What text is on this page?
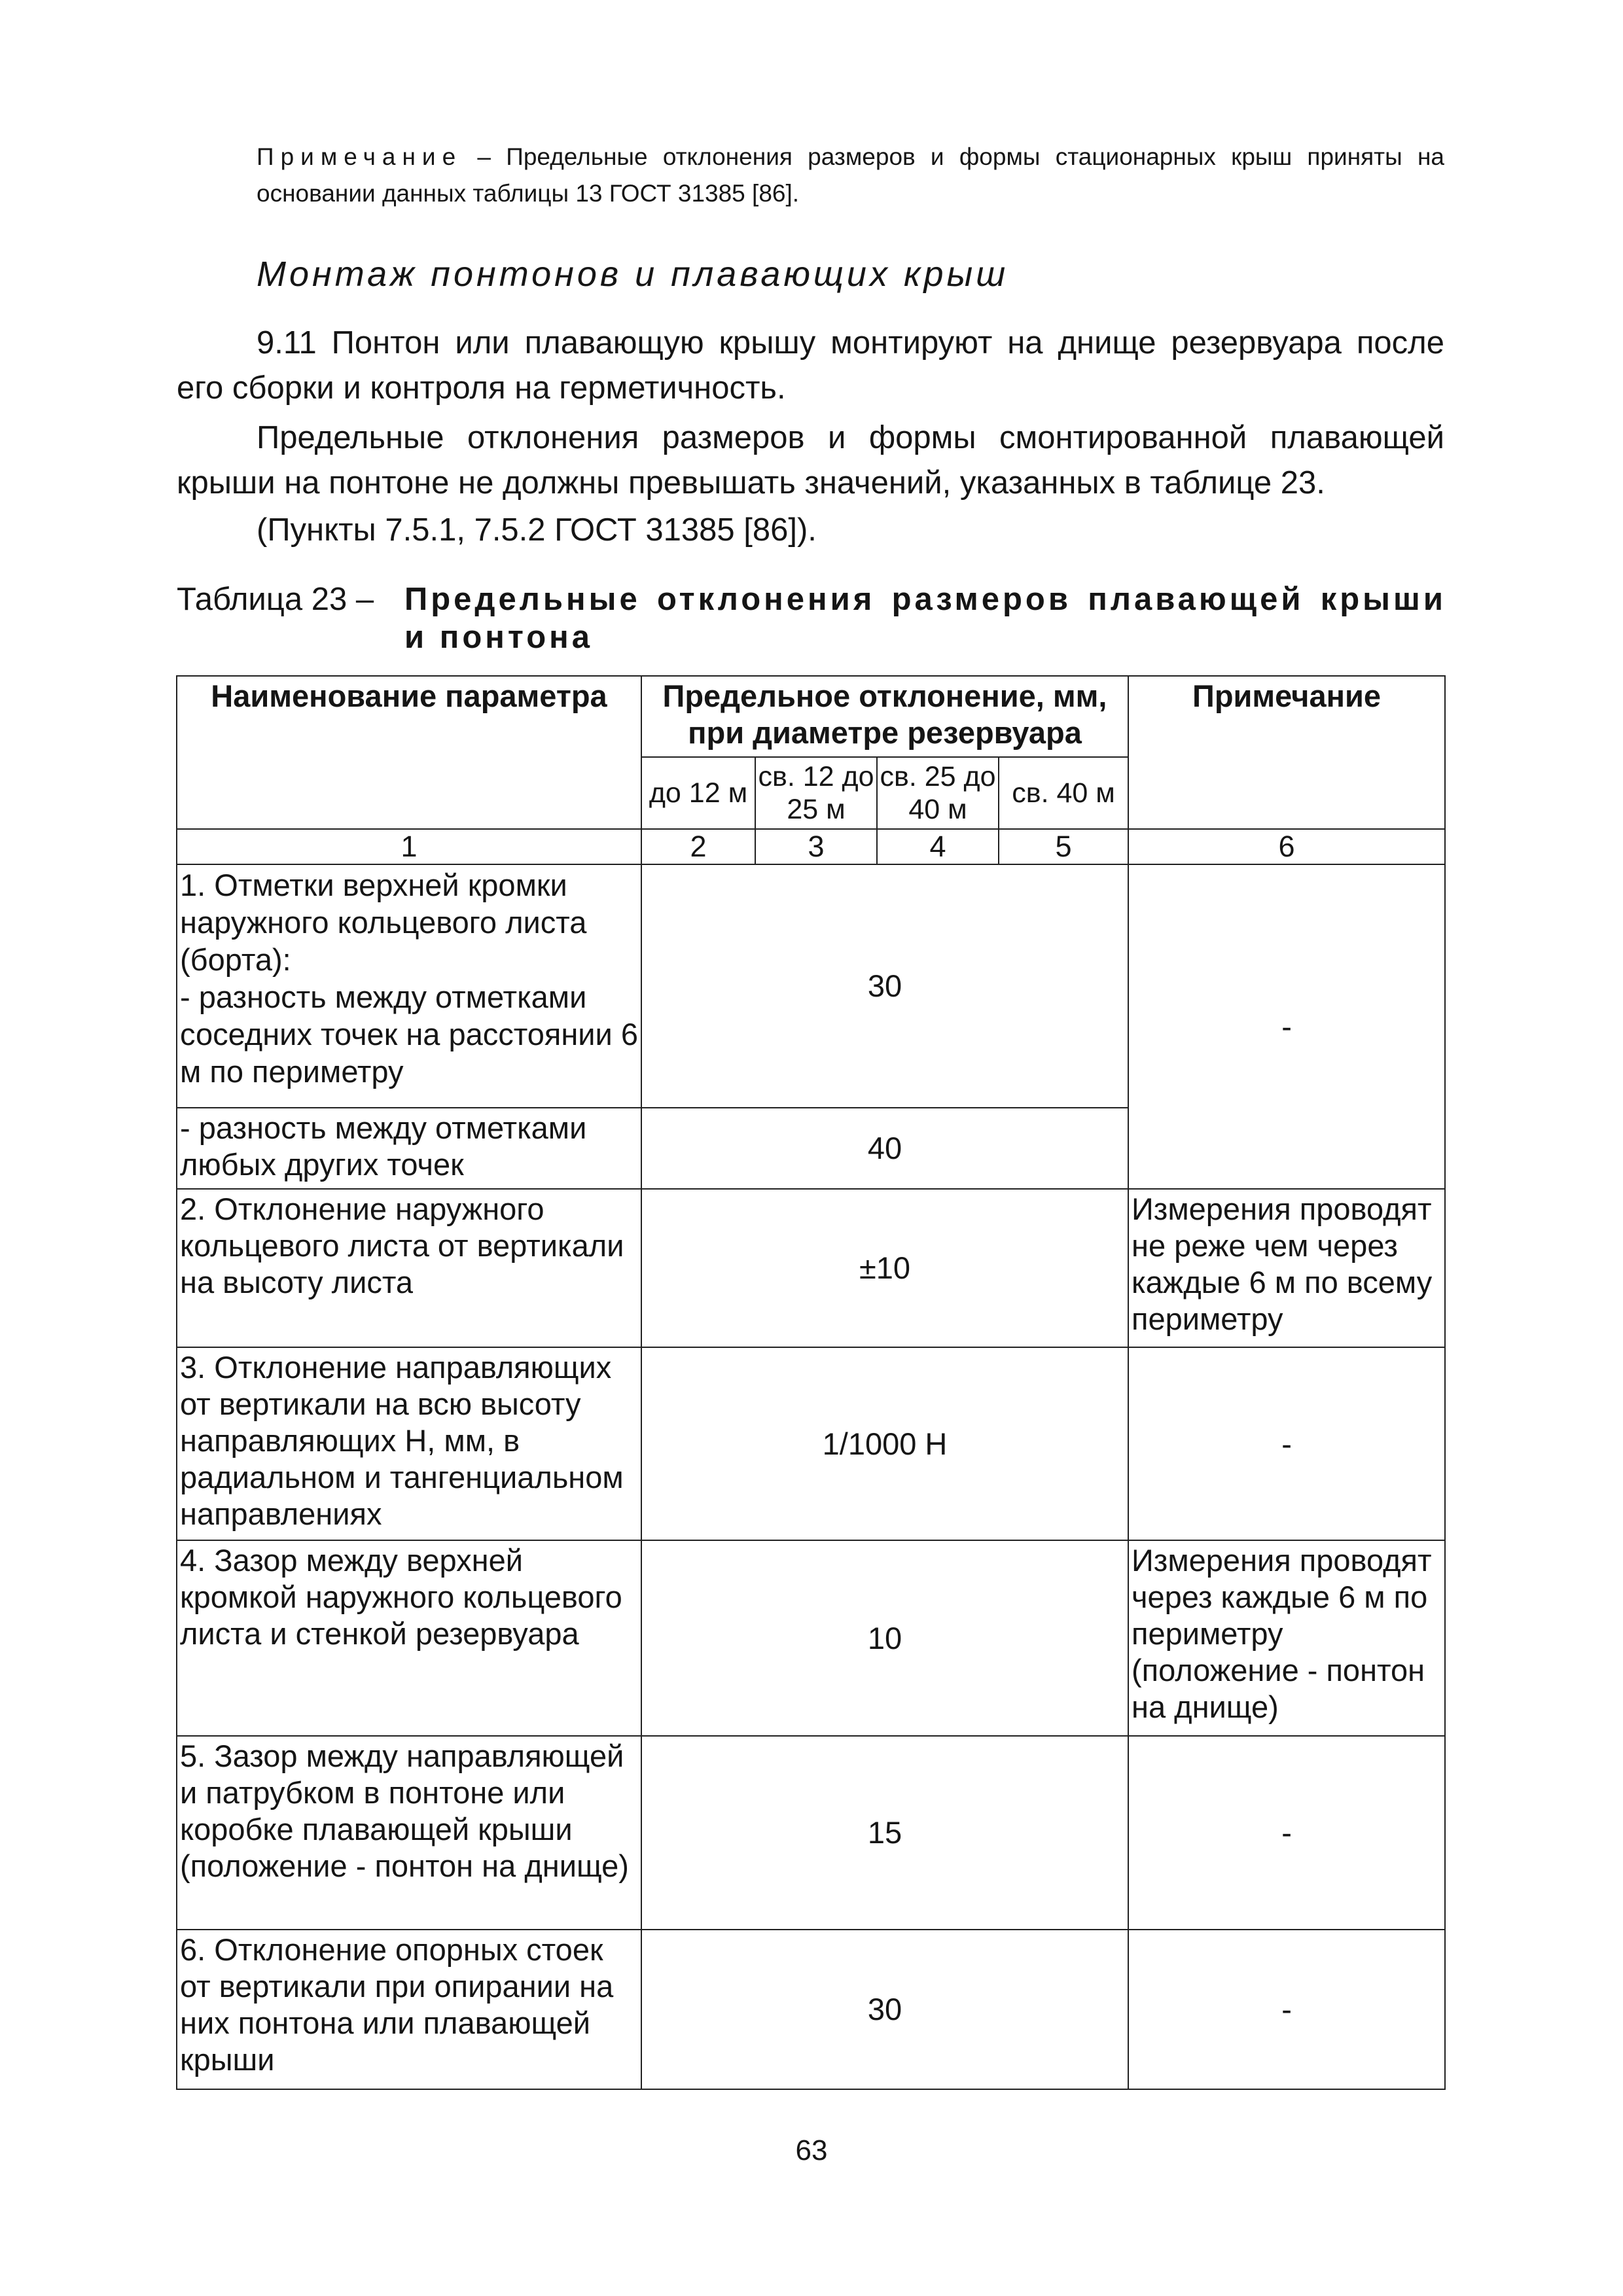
Примечание – Предельные отклонения размеров и формы стационарных крыш приняты на основании данных таблицы 13 ГОСТ 31385 [86].
Монтаж понтонов и плавающих крыш
9.11 Понтон или плавающую крышу монтируют на днище резервуара после его сборки и контроля на герметичность.
Предельные отклонения размеров и формы смонтированной плавающей крыши на понтоне не должны превышать значений, указанных в таблице 23.
(Пункты 7.5.1, 7.5.2 ГОСТ 31385 [86]).
Таблица 23 – Предельные отклонения размеров плавающей крыши и понтона
Наименование параметра	Предельное отклонение, мм, при диаметре резервуара				Примечание
	до 12 м	св. 12 до 25 м	св. 25 до 40 м	св. 40 м	
1	2	3	4	5	6

1. Отметки верхней кромки наружного кольцевого листа (борта):
- разность между отметками соседних точек на расстоянии 6 м по периметру	30				-
- разность между отметками любых других точек	40				
2. Отклонение наружного кольцевого листа от вертикали на высоту листа	±10				Измерения проводят не реже чем через каждые 6 м по всему периметру
3. Отклонение направляющих от вертикали на всю высоту направляющих H, мм, в радиальном и тангенциальном направлениях	1/1000 H				-
4. Зазор между верхней кромкой наружного кольцевого листа и стенкой резервуара	10				Измерения проводят через каждые 6 м по периметру (положение - понтон на днище)
5. Зазор между направляющей и патрубком в понтоне или коробке плавающей крыши (положение - понтон на днище)	15				-
6. Отклонение опорных стоек от вертикали при опирании на них понтона или плавающей крыши	30				-
63
